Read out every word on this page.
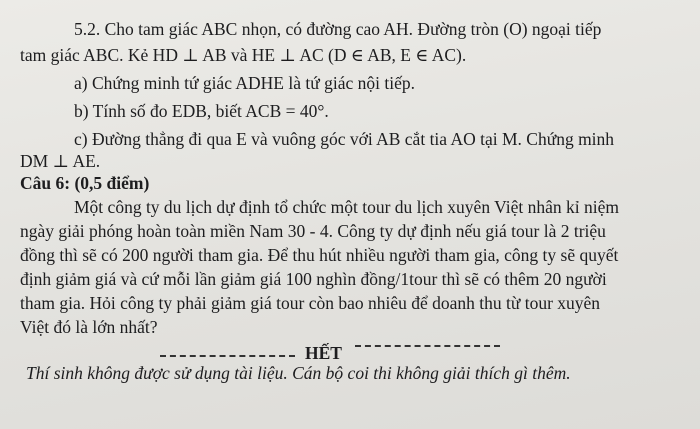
5.2. Cho tam giác ABC nhọn, có đường cao AH. Đường tròn (O) ngoại tiếp
tam giác ABC. Kẻ HD ⊥ AB và HE ⊥ AC (D ∈ AB, E ∈ AC).
a) Chứng minh tứ giác ADHE là tứ giác nội tiếp.
b) Tính số đo EDB, biết ACB = 40°.
c) Đường thẳng đi qua E và vuông góc với AB cắt tia AO tại M. Chứng minh
DM ⊥ AE.
Câu 6: (0,5 điểm)
Một công ty du lịch dự định tổ chức một tour du lịch xuyên Việt nhân kỉ niệm
ngày giải phóng hoàn toàn miền Nam 30 - 4. Công ty dự định nếu giá tour là 2 triệu
đồng thì sẽ có 200 người tham gia. Để thu hút nhiều người tham gia, công ty sẽ quyết
định giảm giá và cứ mỗi lần giảm giá 100 nghìn đồng/1tour thì sẽ có thêm 20 người
tham gia. Hỏi công ty phải giảm giá tour còn bao nhiêu để doanh thu từ tour xuyên
Việt đó là lớn nhất?
HẾT
Thí sinh không được sử dụng tài liệu. Cán bộ coi thi không giải thích gì thêm.
